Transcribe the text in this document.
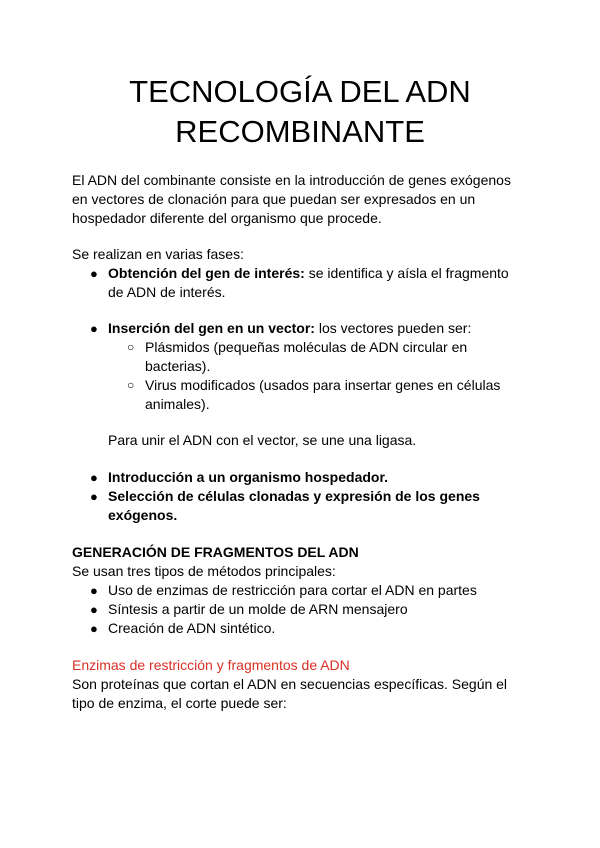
TECNOLOGÍA DEL ADN
RECOMBINANTE
El ADN del combinante consiste en la introducción de genes exógenos
en vectores de clonación para que puedan ser expresados en un
hospedador diferente del organismo que procede.
Se realizan en varias fases:
● Obtención del gen de interés: se identifica y aísla el fragmento
de ADN de interés.
● Inserción del gen en un vector: los vectores pueden ser:
○ Plásmidos (pequeñas moléculas de ADN circular en
bacterias).
○ Virus modificados (usados para insertar genes en células
animales).
Para unir el ADN con el vector, se une una ligasa.
● Introducción a un organismo hospedador.
● Selección de células clonadas y expresión de los genes
exógenos.
GENERACIÓN DE FRAGMENTOS DEL ADN
Se usan tres tipos de métodos principales:
● Uso de enzimas de restricción para cortar el ADN en partes
● Síntesis a partir de un molde de ARN mensajero
● Creación de ADN sintético.
Enzimas de restricción y fragmentos de ADN
Son proteínas que cortan el ADN en secuencias específicas. Según el
tipo de enzima, el corte puede ser:
